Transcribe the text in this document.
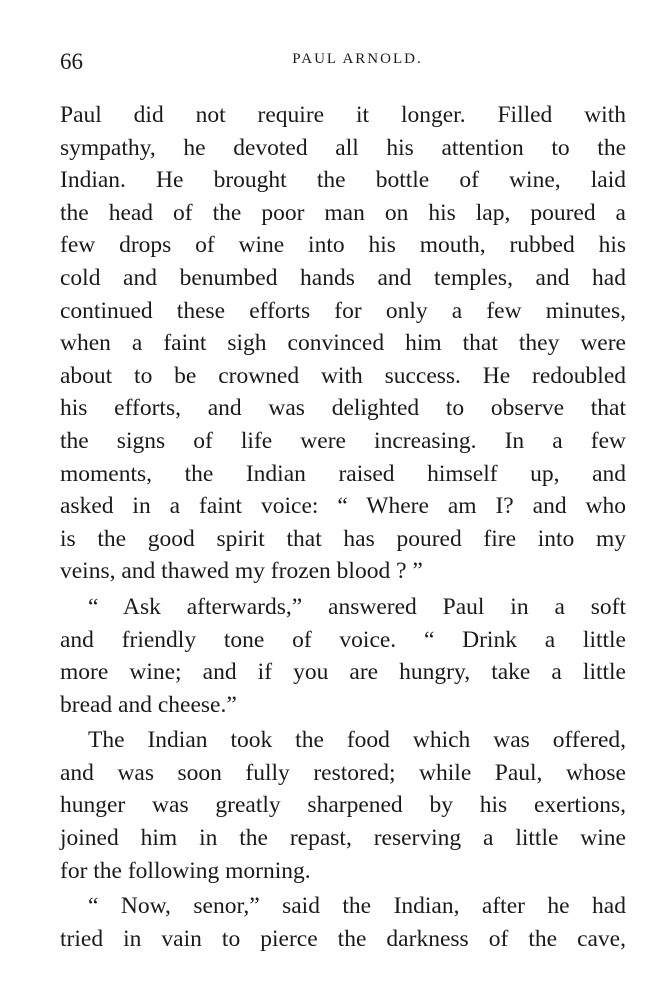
66	PAUL ARNOLD.

Paul did not require it longer. Filled with
sympathy, he devoted all his attention to the
Indian. He brought the bottle of wine, laid
the head of the poor man on his lap, poured a
few drops of wine into his mouth, rubbed his
cold and benumbed hands and temples, and had
continued these efforts for only a few minutes,
when a faint sigh convinced him that they were
about to be crowned with success. He redoubled
his efforts, and was delighted to observe that
the signs of life were increasing. In a few
moments, the Indian raised himself up, and
asked in a faint voice: “ Where am I? and who
is the good spirit that has poured fire into my
veins, and thawed my frozen blood ? ”

“ Ask afterwards,” answered Paul in a soft
and friendly tone of voice. “ Drink a little
more wine; and if you are hungry, take a little
bread and cheese.”

The Indian took the food which was offered,
and was soon fully restored; while Paul, whose
hunger was greatly sharpened by his exertions,
joined him in the repast, reserving a little wine
for the following morning.

“ Now, senor,” said the Indian, after he had
tried in vain to pierce the darkness of the cave,
